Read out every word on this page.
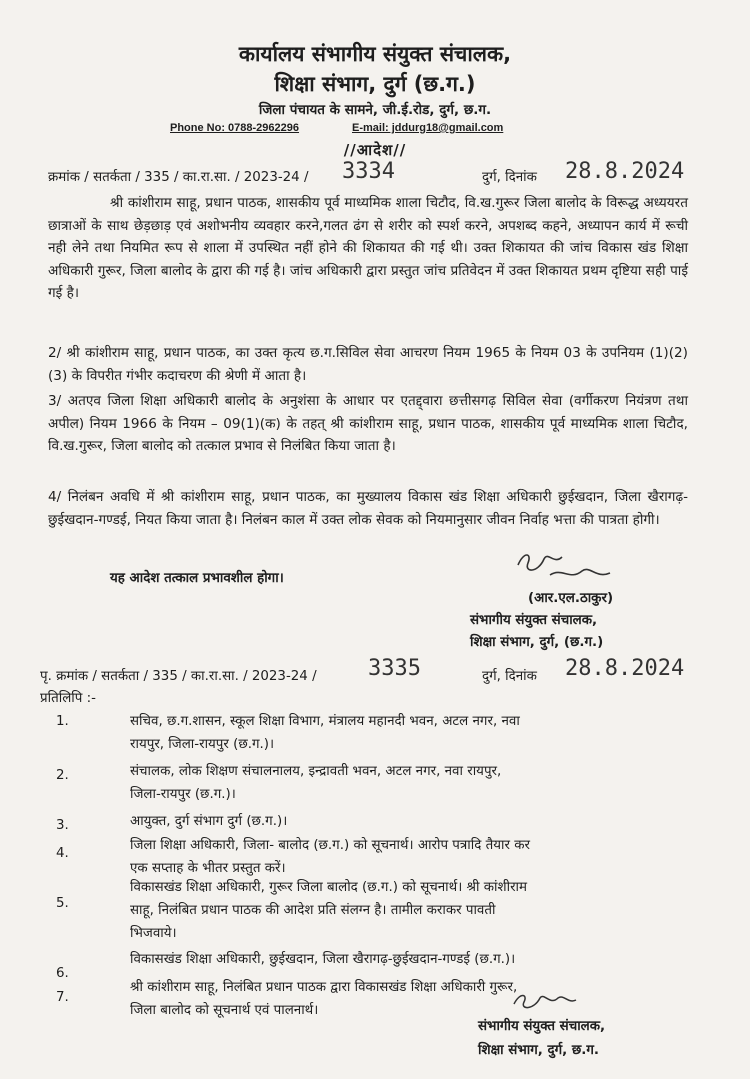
कार्यालय संभागीय संयुक्त संचालक,
शिक्षा संभाग, दुर्ग (छ.ग.)
जिला पंचायत के सामने, जी.ई.रोड, दुर्ग, छ.ग.
Phone No: 0788-2962296	E-mail: jddurg18@gmail.com
//आदेश//
क्रमांक / सतर्कता / 335 / का.रा.सा. / 2023-24 / 3334	दुर्ग, दिनांक 28.8.2024
श्री कांशीराम साहू, प्रधान पाठक, शासकीय पूर्व माध्यमिक शाला चिटौद, वि.ख.गुरूर जिला बालोद के विरूद्ध अध्ययरत छात्राओं के साथ छेड़छाड़ एवं अशोभनीय व्यवहार करने,गलत ढंग से शरीर को स्पर्श करने, अपशब्द कहने, अध्यापन कार्य में रूची नही लेने तथा नियमित रूप से शाला में उपस्थित नहीं होने की शिकायत की गई थी। उक्त शिकायत की जांच विकास खंड शिक्षा अधिकारी गुरूर, जिला बालोद के द्वारा की गई है। जांच अधिकारी द्वारा प्रस्तुत जांच प्रतिवेदन में उक्त शिकायत प्रथम दृष्टिया सही पाई गई है।
2/ श्री कांशीराम साहू, प्रधान पाठक, का उक्त कृत्य छ.ग.सिविल सेवा आचरण नियम 1965 के नियम 03 के उपनियम (1)(2)(3) के विपरीत गंभीर कदाचरण की श्रेणी में आता है।
3/ अतएव जिला शिक्षा अधिकारी बालोद के अनुशंसा के आधार पर एतद्द्वारा छत्तीसगढ़ सिविल सेवा (वर्गीकरण नियंत्रण तथा अपील) नियम 1966 के नियम – 09(1)(क) के तहत् श्री कांशीराम साहू, प्रधान पाठक, शासकीय पूर्व माध्यमिक शाला चिटौद, वि.ख.गुरूर, जिला बालोद को तत्काल प्रभाव से निलंबित किया जाता है।
4/ निलंबन अवधि में श्री कांशीराम साहू, प्रधान पाठक, का मुख्यालय विकास खंड शिक्षा अधिकारी छुईखदान, जिला खैरागढ़-छुईखदान-गण्डई, नियत किया जाता है। निलंबन काल में उक्त लोक सेवक को नियमानुसार जीवन निर्वाह भत्ता की पात्रता होगी।
यह आदेश तत्काल प्रभावशील होगा।
(आर.एल.ठाकुर)
संभागीय संयुक्त संचालक,
शिक्षा संभाग, दुर्ग, (छ.ग.)
पृ. क्रमांक / सतर्कता / 335 / का.रा.सा. / 2023-24 / 3335	दुर्ग, दिनांक 28.8.2024
प्रतिलिपि :-
1.	सचिव, छ.ग.शासन, स्कूल शिक्षा विभाग, मंत्रालय महानदी भवन, अटल नगर, नवा
रायपुर, जिला-रायपुर (छ.ग.)।
2.	संचालक, लोक शिक्षण संचालनालय, इन्द्रावती भवन, अटल नगर, नवा रायपुर,
जिला-रायपुर (छ.ग.)।
3.	आयुक्त, दुर्ग संभाग दुर्ग (छ.ग.)।
4.
जिला शिक्षा अधिकारी, जिला- बालोद (छ.ग.) को सूचनार्थ। आरोप पत्रादि तैयार कर
एक सप्ताह के भीतर प्रस्तुत करें।
5.
विकासखंड शिक्षा अधिकारी, गुरूर जिला बालोद (छ.ग.) को सूचनार्थ। श्री कांशीराम
साहू, निलंबित प्रधान पाठक की आदेश प्रति संलग्न है। तामील कराकर पावती
भिजवाये।
6.
विकासखंड शिक्षा अधिकारी, छुईखदान, जिला खैरागढ़-छुईखदान-गण्डई (छ.ग.)।
7.
श्री कांशीराम साहू, निलंबित प्रधान पाठक द्वारा विकासखंड शिक्षा अधिकारी गुरूर,
जिला बालोद को सूचनार्थ एवं पालनार्थ।
संभागीय संयुक्त संचालक,
शिक्षा संभाग, दुर्ग, छ.ग.
